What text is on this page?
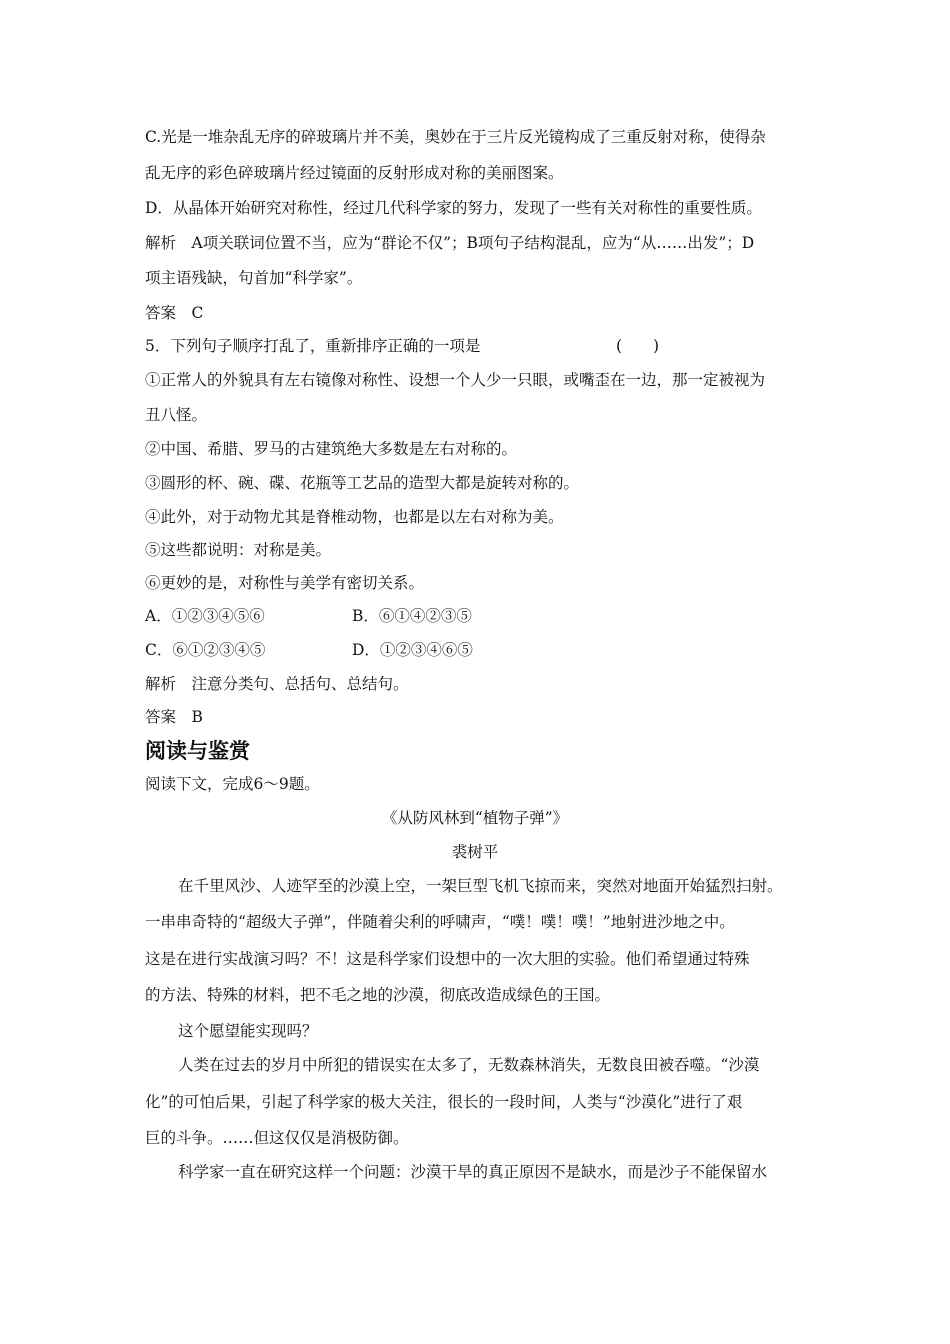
C.光是一堆杂乱无序的碎玻璃片并不美，奥妙在于三片反光镜构成了三重反射对称，使得杂
乱无序的彩色碎玻璃片经过镜面的反射形成对称的美丽图案。
D．从晶体开始研究对称性，经过几代科学家的努力，发现了一些有关对称性的重要性质。
解析　A项关联词位置不当，应为“群论不仅”；B项句子结构混乱，应为“从……出发”；D
项主语残缺，句首加“科学家”。
答案　C
5．下列句子顺序打乱了，重新排序正确的一项是	(　　)
①正常人的外貌具有左右镜像对称性、设想一个人少一只眼，或嘴歪在一边，那一定被视为
丑八怪。
②中国、希腊、罗马的古建筑绝大多数是左右对称的。
③圆形的杯、碗、碟、花瓶等工艺品的造型大都是旋转对称的。
④此外，对于动物尤其是脊椎动物，也都是以左右对称为美。
⑤这些都说明：对称是美。
⑥更妙的是，对称性与美学有密切关系。
A．①②③④⑤⑥	B．⑥①④②③⑤
C．⑥①②③④⑤	D．①②③④⑥⑤
解析　注意分类句、总括句、总结句。
答案　B
阅读与鉴赏
阅读下文，完成6～9题。
《从防风林到“植物子弹”》
裘树平
在千里风沙、人迹罕至的沙漠上空，一架巨型飞机飞掠而来，突然对地面开始猛烈扫射。
一串串奇特的“超级大子弹”，伴随着尖利的呼啸声，“噗！噗！噗！”地射进沙地之中。
这是在进行实战演习吗？不！这是科学家们设想中的一次大胆的实验。他们希望通过特殊
的方法、特殊的材料，把不毛之地的沙漠，彻底改造成绿色的王国。
这个愿望能实现吗？
人类在过去的岁月中所犯的错误实在太多了，无数森林消失，无数良田被吞噬。“沙漠
化”的可怕后果，引起了科学家的极大关注，很长的一段时间，人类与“沙漠化”进行了艰
巨的斗争。……但这仅仅是消极防御。
科学家一直在研究这样一个问题：沙漠干旱的真正原因不是缺水，而是沙子不能保留水
